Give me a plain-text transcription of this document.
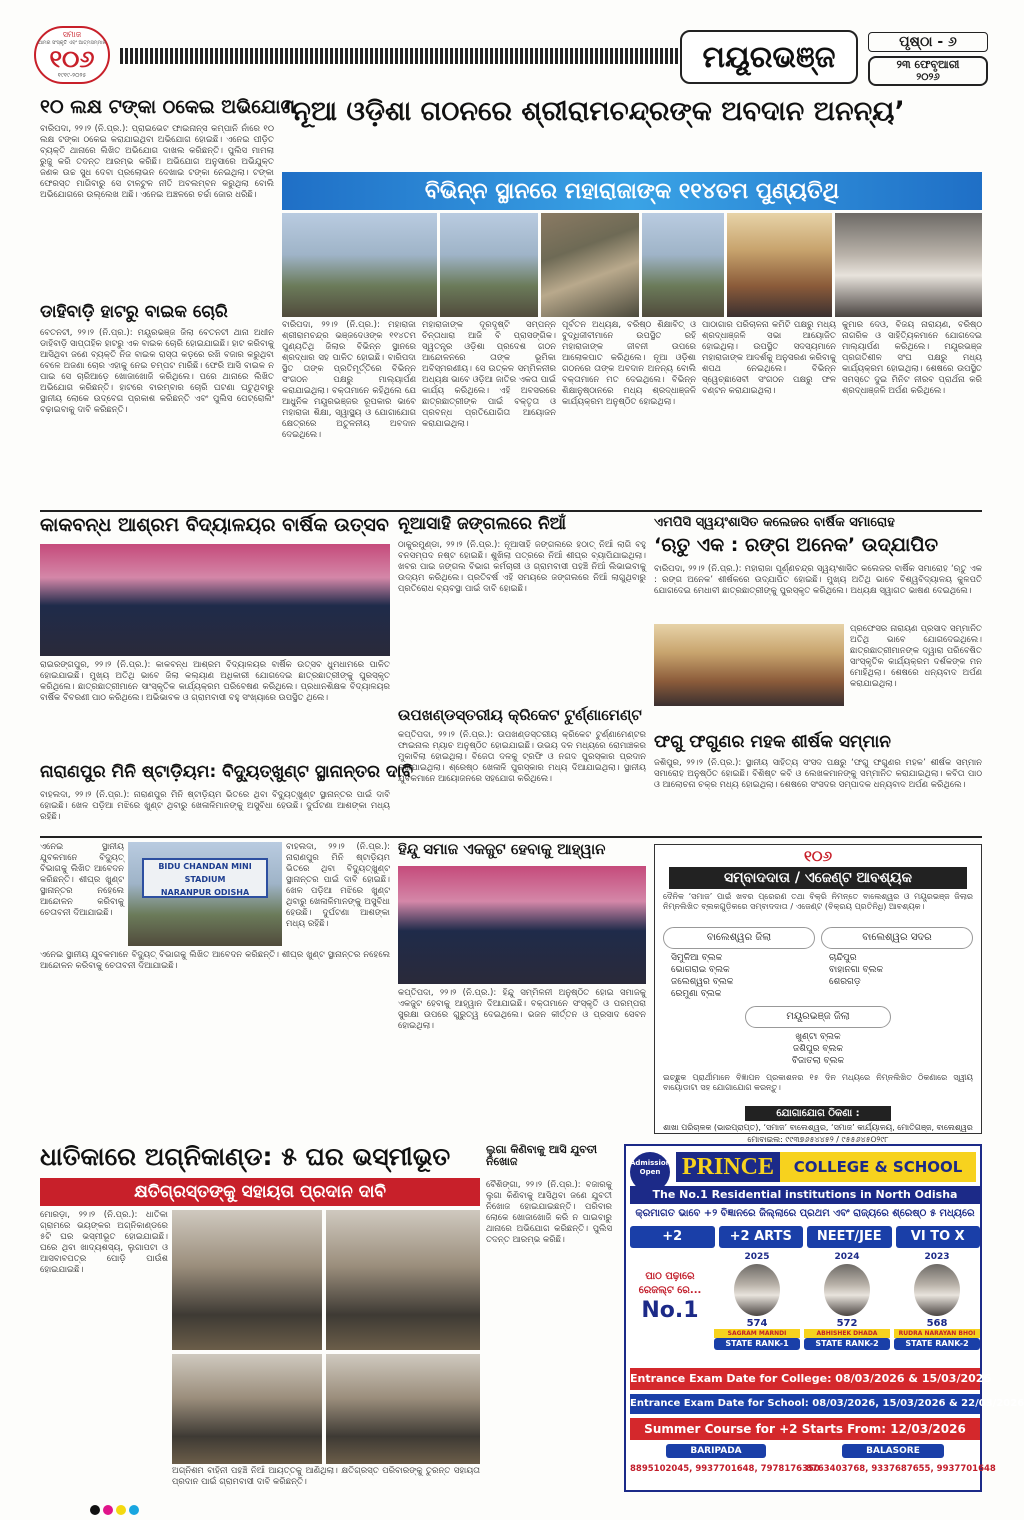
ସମାଜ
ଆମର ସଂସ୍କୃତି ଏବଂ ଆତ୍ମସମ୍ମାନ
୧୦୬
୧୯୧୯-୨୦୨୫
ମୟୂରଭଞ୍ଜ	ପୃଷ୍ଠା - ୬
୨୩ ଫେବୃଆରୀ
୨୦୨୬
୧୦ ଲକ୍ଷ ଟଙ୍କା ଠକେଇ ଅଭିଯୋଗ
ବାରିପଦା, ୨୨।୨ (ନି.ପ୍ର.): ପ୍ରାଇଭେଟ ଫାଇନାନ୍ସ କମ୍ପାନି ନାଁରେ ୧୦ ଲକ୍ଷ ଟଙ୍କା ଠକେଇ କରାଯାଇଥିବା ଅଭିଯୋଗ ହୋଇଛି। ଏନେଇ ପୀଡ଼ିତ ବ୍ୟକ୍ତି ଥାନାରେ ଲିଖିତ ଅଭିଯୋଗ ଦାଖଲ କରିଛନ୍ତି। ପୁଲିସ ମାମଲା ରୁଜୁ କରି ତଦନ୍ତ ଆରମ୍ଭ କରିଛି। ଅଭିଯୋଗ ଅନୁସାରେ ଅଭିଯୁକ୍ତ ଜଣକ ଉଚ୍ଚ ସୁଧ ଦେବା ପ୍ରଲୋଭନ ଦେଖାଇ ଟଙ୍କା ନେଇଥିଲା। ଟଙ୍କା ଫେରସ୍ତ ମାଗିବାରୁ ସେ ଟାଳଟୁଳ ନୀତି ଅବଲମ୍ବନ କରୁଥିଲା ବୋଲି ଅଭିଯୋଗରେ ଉଲ୍ଲେଖ ଅଛି। ଏନେଇ ଅଞ୍ଚଳରେ ଚର୍ଚ୍ଚା ଜୋର ଧରିଛି।
ଡାହିବାଡ଼ି ହାଟରୁ ବାଇକ ଚୋରି
ବେତନଟୀ, ୨୨।୨ (ନି.ପ୍ର.): ମୟୂରଭଞ୍ଜ ଜିଲା ବେତନଟୀ ଥାନା ଅଧୀନ ଡାହିବାଡ଼ି ସାପ୍ତାହିକ ହାଟରୁ ଏକ ବାଇକ ଚୋରି ହୋଇଯାଇଛି। ହାଟ କରିବାକୁ ଆସିଥିବା ଜଣେ ବ୍ୟକ୍ତି ନିଜ ବାଇକ ରାସ୍ତା କଡ଼ରେ ରଖି ବଜାର କରୁଥିବା ବେଳେ ଅଜଣା ଚୋର ଏହାକୁ ନେଇ ଚମ୍ପଟ ମାରିଛି। ଫେରି ଆସି ବାଇକ ନ ପାଇ ସେ ଚାରିଆଡ଼େ ଖୋଜାଖୋଜି କରିଥିଲେ। ପରେ ଥାନାରେ ଲିଖିତ ଅଭିଯୋଗ କରିଛନ୍ତି। ହାଟରେ ବାରମ୍ବାର ଚୋରି ଘଟଣା ଘଟୁଥିବାରୁ ସ୍ଥାନୀୟ ଲୋକେ ଉଦ୍‌ବେଗ ପ୍ରକାଶ କରିଛନ୍ତି ଏବଂ ପୁଲିସ ପେଟ୍ରୋଲିଂ ବଢ଼ାଇବାକୁ ଦାବି କରିଛନ୍ତି।
‘ନୂଆ ଓଡ଼ିଶା ଗଠନରେ ଶ୍ରୀରାମଚନ୍ଦ୍ରଙ୍କ ଅବଦାନ ଅନନ୍ୟ’
ବିଭିନ୍ନ ସ୍ଥାନରେ ମହାରାଜାଙ୍କ ୧୧୪ତମ ପୁଣ୍ୟତିଥି
ବାରିପଦା, ୨୨।୨ (ନି.ପ୍ର.): ମହାରାଜା ଶ୍ରୀରାମଚନ୍ଦ୍ର ଭଞ୍ଜଦେଓଙ୍କ ୧୧୪ତମ ପୁଣ୍ୟତିଥି ଜିଲାର ବିଭିନ୍ନ ସ୍ଥାନରେ ଶ୍ରଦ୍ଧାର ସହ ପାଳିତ ହୋଇଛି। ବାରିପଦା ସ୍ଥିତ ତାଙ୍କ ପ୍ରତିମୂର୍ତ୍ତିରେ ବିଭିନ୍ନ ସଂଗଠନ ପକ୍ଷରୁ ମାଲ୍ୟାର୍ପଣ କରାଯାଇଥିଲା। ବକ୍ତାମାନେ କହିଥିଲେ ଯେ ଆଧୁନିକ ମୟୂରଭଞ୍ଜର ରୂପକାର ଭାବେ ମହାରାଜା ଶିକ୍ଷା, ସ୍ୱାସ୍ଥ୍ୟ ଓ ଯୋଗାଯୋଗ କ୍ଷେତ୍ରରେ ଅତୁଳନୀୟ ଅବଦାନ ଦେଇଥିଲେ।
ମହାରାଜାଙ୍କ ଦୂରଦୃଷ୍ଟି ସମ୍ପନ୍ନ ଚିନ୍ତାଧାରା ଆଜି ବି ପ୍ରାସଙ୍ଗିକ। ସ୍ୱତନ୍ତ୍ର ଓଡ଼ିଶା ପ୍ରଦେଶ ଗଠନ ଆନ୍ଦୋଳନରେ ତାଙ୍କ ଭୂମିକା ଅବିସ୍ମରଣୀୟ। ସେ ଉତ୍କଳ ସମ୍ମିଳନୀର ଅଧ୍ୟକ୍ଷ ଭାବେ ଓଡ଼ିଆ ଜାତିର ଏକତା ପାଇଁ କାର୍ଯ୍ୟ କରିଥିଲେ। ଏହି ଅବସରରେ ଛାତ୍ରଛାତ୍ରୀଙ୍କ ପାଇଁ ବକ୍ତୃତା ଓ ପ୍ରବନ୍ଧ ପ୍ରତିଯୋଗିତା ଆୟୋଜନ କରାଯାଇଥିଲା।
ପୂର୍ବତନ ଅଧ୍ୟକ୍ଷ, ବରିଷ୍ଠ ଶିକ୍ଷାବିତ୍ ଓ ବୁଦ୍ଧିଜୀବୀମାନେ ଉପସ୍ଥିତ ରହି ମହାରାଜାଙ୍କ ଜୀବନୀ ଉପରେ ଆଲୋକପାତ କରିଥିଲେ। ନୂଆ ଓଡ଼ିଶା ଗଠନରେ ତାଙ୍କ ଅବଦାନ ଅନନ୍ୟ ବୋଲି ବକ୍ତାମାନେ ମତ ଦେଇଥିଲେ। ବିଭିନ୍ନ ଶିକ୍ଷାନୁଷ୍ଠାନରେ ମଧ୍ୟ ଶ୍ରଦ୍ଧାଞ୍ଜଳି କାର୍ଯ୍ୟକ୍ରମ ଅନୁଷ୍ଠିତ ହୋଇଥିଲା।
ପାଠାଗାର ପରିଚାଳନା କମିଟି ପକ୍ଷରୁ ମଧ୍ୟ ଶ୍ରଦ୍ଧାଞ୍ଜଳି ସଭା ଆୟୋଜିତ ହୋଇଥିଲା। ଉପସ୍ଥିତ ସଦସ୍ୟମାନେ ମହାରାଜାଙ୍କ ଆଦର୍ଶକୁ ଅନୁସରଣ କରିବାକୁ ଶପଥ ନେଇଥିଲେ। ବିଭିନ୍ନ ସ୍ୱେଚ୍ଛାସେବୀ ସଂଗଠନ ପକ୍ଷରୁ ଫଳ ବଣ୍ଟନ କରାଯାଇଥିଲା।
କୁମାର ଦେଓ, ବିଜୟ ନାରାୟଣ, ବରିଷ୍ଠ ନାଗରିକ ଓ ସାହିତ୍ୟିକମାନେ ଯୋଗଦେଇ ମାଲ୍ୟାର୍ପଣ କରିଥିଲେ। ମୟୂରଭଞ୍ଜ ପ୍ରଗତିଶୀଳ ସଂଘ ପକ୍ଷରୁ ମଧ୍ୟ କାର୍ଯ୍ୟକ୍ରମ ହୋଇଥିଲା। ଶେଷରେ ଉପସ୍ଥିତ ସମସ୍ତେ ଦୁଇ ମିନିଟ ନୀରବ ପ୍ରାର୍ଥନା କରି ଶ୍ରଦ୍ଧାଞ୍ଜଳି ଅର୍ପଣ କରିଥିଲେ।
କାକବନ୍ଧ ଆଶ୍ରମ ବିଦ୍ୟାଳୟର ବାର୍ଷିକ ଉତ୍ସବ
ରାଇରଙ୍ଗପୁର, ୨୨।୨ (ନି.ପ୍ର.): କାକବନ୍ଧ ଆଶ୍ରମ ବିଦ୍ୟାଳୟର ବାର୍ଷିକ ଉତ୍ସବ ଧୁମଧାମରେ ପାଳିତ ହୋଇଯାଇଛି। ମୁଖ୍ୟ ଅତିଥି ଭାବେ ଜିଲା କଲ୍ୟାଣ ଅଧିକାରୀ ଯୋଗଦେଇ ଛାତ୍ରଛାତ୍ରୀଙ୍କୁ ପୁରସ୍କୃତ କରିଥିଲେ। ଛାତ୍ରଛାତ୍ରୀମାନେ ସାଂସ୍କୃତିକ କାର୍ଯ୍ୟକ୍ରମ ପରିବେଷଣ କରିଥିଲେ। ପ୍ରଧାନଶିକ୍ଷକ ବିଦ୍ୟାଳୟର ବାର୍ଷିକ ବିବରଣୀ ପାଠ କରିଥିଲେ। ଅଭିଭାବକ ଓ ଗ୍ରାମବାସୀ ବହୁ ସଂଖ୍ୟାରେ ଉପସ୍ଥିତ ଥିଲେ।
ନୂଆସାହି ଜଙ୍ଗଲରେ ନିଆଁ
ଠାକୁରମୁଣ୍ଡା, ୨୨।୨ (ନି.ପ୍ର.): ନୂଆସାହି ଜଙ୍ଗଲରେ ହଠାତ୍ ନିଆଁ ଲାଗି ବହୁ ବନସମ୍ପଦ ନଷ୍ଟ ହୋଇଛି। ଶୁଖିଲା ପତ୍ରରେ ନିଆଁ ଶୀଘ୍ର ବ୍ୟାପିଯାଇଥିଲା। ଖବର ପାଇ ଜଙ୍ଗଲ ବିଭାଗ କର୍ମଚାରୀ ଓ ଗ୍ରାମବାସୀ ପହଞ୍ଚି ନିଆଁ ଲିଭାଇବାକୁ ଉଦ୍ୟମ କରିଥିଲେ। ପ୍ରତିବର୍ଷ ଏହି ସମୟରେ ଜଙ୍ଗଲରେ ନିଆଁ ଲାଗୁଥିବାରୁ ପ୍ରତିରୋଧ ବ୍ୟବସ୍ଥା ପାଇଁ ଦାବି ହୋଇଛି।
ଏମପିସି ସ୍ୱୟଂଶାସିତ କଲେଜର ବାର୍ଷିକ ସମାରୋହ
‘ଋତୁ ଏକ : ରଙ୍ଗ ଅନେକ’ ଉଦ୍‌ଯାପିତ
ବାରିପଦା, ୨୨।୨ (ନି.ପ୍ର.): ମହାରାଜା ପୂର୍ଣ୍ଣଚନ୍ଦ୍ର ସ୍ୱୟଂଶାସିତ କଲେଜର ବାର୍ଷିକ ସମାରୋହ ‘ଋତୁ ଏକ : ରଙ୍ଗ ଅନେକ’ ଶୀର୍ଷକରେ ଉଦ୍‌ଯାପିତ ହୋଇଛି। ମୁଖ୍ୟ ଅତିଥି ଭାବେ ବିଶ୍ୱବିଦ୍ୟାଳୟ କୁଳପତି ଯୋଗଦେଇ ମେଧାବୀ ଛାତ୍ରଛାତ୍ରୀଙ୍କୁ ପୁରସ୍କୃତ କରିଥିଲେ। ଅଧ୍ୟକ୍ଷ ସ୍ୱାଗତ ଭାଷଣ ଦେଇଥିଲେ।
ପ୍ରଫେସର ନାରାୟଣ ପ୍ରସାଦ ସମ୍ମାନିତ ଅତିଥି ଭାବେ ଯୋଗଦେଇଥିଲେ। ଛାତ୍ରଛାତ୍ରୀମାନଙ୍କ ଦ୍ୱାରା ପରିବେଷିତ ସାଂସ୍କୃତିକ କାର୍ଯ୍ୟକ୍ରମ ଦର୍ଶକଙ୍କ ମନ ମୋହିଥିଲା। ଶେଷରେ ଧନ୍ୟବାଦ ଅର୍ପଣ କରାଯାଇଥିଲା।
ଉପଖଣ୍ଡସ୍ତରୀୟ କ୍ରିକେଟ ଟୁର୍ଣ୍ଣାମେଣ୍ଟ
କପ୍ତିପଦା, ୨୨।୨ (ନି.ପ୍ର.): ଉପଖଣ୍ଡସ୍ତରୀୟ କ୍ରିକେଟ ଟୁର୍ଣ୍ଣାମେଣ୍ଟର ଫାଇନାଲ ମ୍ୟାଚ ଅନୁଷ୍ଠିତ ହୋଇଯାଇଛି। ଉଭୟ ଦଳ ମଧ୍ୟରେ ରୋମାଞ୍ଚକର ମୁକାବିଲା ହୋଇଥିଲା। ବିଜେତା ଦଳକୁ ଟ୍ରଫି ଓ ନଗଦ ପୁରସ୍କାର ପ୍ରଦାନ କରାଯାଇଥିଲା। ଶ୍ରେଷ୍ଠ ଖେଳାଳି ପୁରସ୍କାର ମଧ୍ୟ ଦିଆଯାଇଥିଲା। ସ୍ଥାନୀୟ ଯୁବକମାନେ ଆୟୋଜନରେ ସହଯୋଗ କରିଥିଲେ।
ଫଗୁ ଫଗୁଣର ମହକ ଶୀର୍ଷକ ସମ୍ମାନ
ଜଶିପୁର, ୨୨।୨ (ନି.ପ୍ର.): ସ୍ଥାନୀୟ ସାହିତ୍ୟ ସଂସଦ ପକ୍ଷରୁ ‘ଫଗୁ ଫଗୁଣର ମହକ’ ଶୀର୍ଷକ ସମ୍ମାନ ସମାରୋହ ଅନୁଷ୍ଠିତ ହୋଇଛି। ବିଶିଷ୍ଟ କବି ଓ ଲେଖକମାନଙ୍କୁ ସମ୍ମାନିତ କରାଯାଇଥିଲା। କବିତା ପାଠ ଓ ଆଲୋଚନା ଚକ୍ର ମଧ୍ୟ ହୋଇଥିଲା। ଶେଷରେ ସଂସଦର ସମ୍ପାଦକ ଧନ୍ୟବାଦ ଅର୍ପଣ କରିଥିଲେ।
ନାରାଣପୁର ମିନି ଷ୍ଟାଡ଼ିୟମ: ବିଦ୍ୟୁତ୍‌ଖୁଣ୍ଟ ସ୍ଥାନାନ୍ତର ଦାବି
ବାହଲଦା, ୨୨।୨ (ନି.ପ୍ର.): ନାରାଣପୁର ମିନି ଷ୍ଟାଡ଼ିୟମ ଭିତରେ ଥିବା ବିଦ୍ୟୁତ୍‌ଖୁଣ୍ଟ ସ୍ଥାନାନ୍ତର ପାଇଁ ଦାବି ହୋଇଛି। ଖେଳ ପଡ଼ିଆ ମଝିରେ ଖୁଣ୍ଟ ଥିବାରୁ ଖେଳାଳିମାନଙ୍କୁ ଅସୁବିଧା ହେଉଛି। ଦୁର୍ଘଟଣା ଆଶଙ୍କା ମଧ୍ୟ ରହିଛି।
BIDU CHANDAN MINI STADIUM
NARANPUR ODISHA
ଏନେଇ ସ୍ଥାନୀୟ ଯୁବକମାନେ ବିଦ୍ୟୁତ୍ ବିଭାଗକୁ ଲିଖିତ ଆବେଦନ କରିଛନ୍ତି। ଶୀଘ୍ର ଖୁଣ୍ଟ ସ୍ଥାନାନ୍ତର ନହେଲେ ଆନ୍ଦୋଳନ କରିବାକୁ ଚେତାବନୀ ଦିଆଯାଇଛି।
ବାହଲଦା, ୨୨।୨ (ନି.ପ୍ର.): ନାରାଣପୁର ମିନି ଷ୍ଟାଡ଼ିୟମ ଭିତରେ ଥିବା ବିଦ୍ୟୁତ୍‌ଖୁଣ୍ଟ ସ୍ଥାନାନ୍ତର ପାଇଁ ଦାବି ହୋଇଛି। ଖେଳ ପଡ଼ିଆ ମଝିରେ ଖୁଣ୍ଟ ଥିବାରୁ ଖେଳାଳିମାନଙ୍କୁ ଅସୁବିଧା ହେଉଛି। ଦୁର୍ଘଟଣା ଆଶଙ୍କା ମଧ୍ୟ ରହିଛି।
ଏନେଇ ସ୍ଥାନୀୟ ଯୁବକମାନେ ବିଦ୍ୟୁତ୍ ବିଭାଗକୁ ଲିଖିତ ଆବେଦନ କରିଛନ୍ତି। ଶୀଘ୍ର ଖୁଣ୍ଟ ସ୍ଥାନାନ୍ତର ନହେଲେ ଆନ୍ଦୋଳନ କରିବାକୁ ଚେତାବନୀ ଦିଆଯାଇଛି।
ହିନ୍ଦୁ ସମାଜ ଏକଜୁଟ ହେବାକୁ ଆହ୍ୱାନ
କପ୍ତିପଦା, ୨୨।୨ (ନି.ପ୍ର.): ହିନ୍ଦୁ ସମ୍ମିଳନୀ ଅନୁଷ୍ଠିତ ହୋଇ ସମାଜକୁ ଏକଜୁଟ ହେବାକୁ ଆହ୍ୱାନ ଦିଆଯାଇଛି। ବକ୍ତାମାନେ ସଂସ୍କୃତି ଓ ପରମ୍ପରା ସୁରକ୍ଷା ଉପରେ ଗୁରୁତ୍ୱ ଦେଇଥିଲେ। ଭଜନ କୀର୍ତ୍ତନ ଓ ପ୍ରସାଦ ସେବନ ହୋଇଥିଲା।
ଧାତିକାରେ ଅଗ୍ନିକାଣ୍ଡ: ୫ ଘର ଭସ୍ମୀଭୂତ
କ୍ଷତିଗ୍ରସ୍ତଙ୍କୁ ସହାୟତା ପ୍ରଦାନ ଦାବି
ମୋରଡ଼ା, ୨୨।୨ (ନି.ପ୍ର.): ଧାତିକା ଗ୍ରାମରେ ଭୟଙ୍କର ଅଗ୍ନିକାଣ୍ଡରେ ୫ଟି ଘର ଭସ୍ମୀଭୂତ ହୋଇଯାଇଛି। ଘରେ ଥିବା ଖାଦ୍ୟଶସ୍ୟ, ଲୁଗାପଟା ଓ ଆସବାବପତ୍ର ପୋଡ଼ି ପାଉଁଶ ହୋଇଯାଇଛି।
ଅଗ୍ନିଶମ ବାହିନୀ ପହଞ୍ଚି ନିଆଁ ଆୟତ୍ତକୁ ଆଣିଥିଲା। କ୍ଷତିଗ୍ରସ୍ତ ପରିବାରଙ୍କୁ ତୁରନ୍ତ ସହାୟତା ପ୍ରଦାନ ପାଇଁ ଗ୍ରାମବାସୀ ଦାବି କରିଛନ୍ତି।
ଲୁଗା କିଣିବାକୁ ଆସି ଯୁବତୀ ନିଖୋଜ
ବୈଶିଙ୍ଗା, ୨୨।୨ (ନି.ପ୍ର.): ବଜାରକୁ ଲୁଗା କିଣିବାକୁ ଆସିଥିବା ଜଣେ ଯୁବତୀ ନିଖୋଜ ହୋଇଯାଇଛନ୍ତି। ପରିବାର ଲୋକେ ଖୋଜାଖୋଜି କରି ନ ପାଇବାରୁ ଥାନାରେ ଅଭିଯୋଗ କରିଛନ୍ତି। ପୁଲିସ ତଦନ୍ତ ଆରମ୍ଭ କରିଛି।
୧୦୬
ସମ୍ବାଦଦାତା / ଏଜେଣ୍ଟ ଆବଶ୍ୟକ
ଦୈନିକ ‘ସମାଜ’ ପାଇଁ ଖବର ପ୍ରେରଣ ତଥା ବିକ୍ରି ନିମନ୍ତେ ବାଲେଶ୍ୱର ଓ ମୟୂରଭଞ୍ଜ ଜିଲାର ନିମ୍ନଲିଖିତ ବ୍ଲକଗୁଡ଼ିକରେ ସମ୍ବାଦଦାତା / ଏଜେଣ୍ଟ (ବିକ୍ରୟ ପ୍ରତିନିଧି) ଆବଶ୍ୟକ।
ବାଲେଶ୍ୱର ଜିଲା
ସିମୁଳିଆ ବ୍ଲକ
ଭୋଗରାଇ ବ୍ଲକ
ଜଲେଶ୍ୱର ବ୍ଲକ
ରେମୁଣା ବ୍ଲକ
ବାଲେଶ୍ୱର ସଦର
ଚାନ୍ଦିପୁର
ବାହାନଗା ବ୍ଲକ
ଶେରଗଡ଼
ମୟୂରଭଞ୍ଜ ଜିଲା
ଖୁଣ୍ଟା ବ୍ଲକ
ଜଶିପୁର ବ୍ଲକ
ବିଜାତଲା ବ୍ଲକ
ଇଚ୍ଛୁକ ପ୍ରାର୍ଥୀମାନେ ବିଜ୍ଞାପନ ପ୍ରକାଶନର ୧୫ ଦିନ ମଧ୍ୟରେ ନିମ୍ନଲିଖିତ ଠିକଣାରେ ସ୍ୱୀୟ ବାୟୋଡାଟା ସହ ଯୋଗାଯୋଗ କରନ୍ତୁ।
ଯୋଗାଯୋଗ ଠିକଣା :
ଶାଖା ପରିଚାଳକ (ଭାରପ୍ରାପ୍ତ), ‘ସମାଜ’ ବାଲେଶ୍ୱର, ‘ସମାଜ’ କାର୍ଯ୍ୟାଳୟ, ମୋତିଗଞ୍ଜ, ବାଲେଶ୍ୱର
ମୋବାଇଲ: ୯୯୩୭୬୫୪୪୫୨ / ୯୫୫୬୪୫୦୨୯୮
Admission Open PRINCE	COLLEGE & SCHOOL
The No.1 Residential institutions in North Odisha
କ୍ରମାଗତ ଭାବେ +୨ ବିଜ୍ଞାନରେ ଜିଲ୍ଲାରେ ପ୍ରଥମ ଏବଂ ରାଜ୍ୟରେ ଶ୍ରେଷ୍ଠ ୫ ମଧ୍ୟରେ
+2 SCIENCE
+2 ARTS	NEET/JEE	VI TO X
ପାଠ ପଢ଼ାରେ
ରେଜଲ୍ଟ ରେ...
No.1
2025
574
SAGRAM MARNDI
STATE RANK-1
2024
572
ABHISHEK DHADA
STATE RANK-2
2023
568
RUDRA NARAYAN BHOI
STATE RANK-2
Entrance Exam Date for College: 08/03/2026 & 15/03/2026
Entrance Exam Date for School: 08/03/2026, 15/03/2026 & 22/03/2026
Summer Course for +2 Starts From: 12/03/2026
BARIPADA
8895102045, 9937701648, 7978176350
BALASORE
8763403768, 9337687655, 9937701648
